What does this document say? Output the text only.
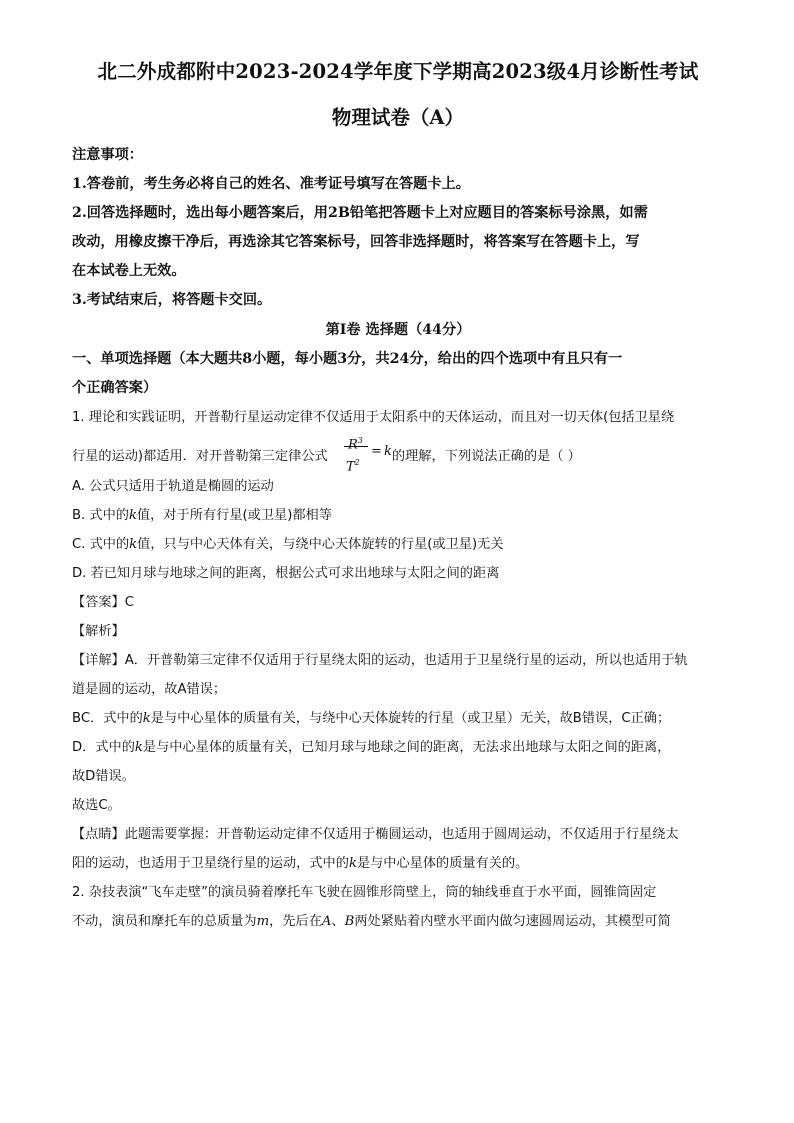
北二外成都附中2023-2024学年度下学期高2023级4月诊断性考试
物理试卷（A）
注意事项：
1.答卷前，考生务必将自己的姓名、准考证号填写在答题卡上。
2.回答选择题时，选出每小题答案后，用2B铅笔把答题卡上对应题目的答案标号涂黑，如需
改动，用橡皮擦干净后，再选涂其它答案标号，回答非选择题时，将答案写在答题卡上，写
在本试卷上无效。
3.考试结束后，将答题卡交回。
第Ⅰ卷 选择题（44分）
一、单项选择题（本大题共8小题，每小题3分，共24分，给出的四个选项中有且只有一
个正确答案）
1. 理论和实践证明，开普勒行星运动定律不仅适用于太阳系中的天体运动，而且对一切天体(包括卫星绕
行星的运动)都适用．对开普勒第三定律公式
$R^3$
$T^2$
= k 的理解，下列说法正确的是（ ）
A. 公式只适用于轨道是椭圆的运动
B. 式中的k值，对于所有行星(或卫星)都相等
C. 式中的k值，只与中心天体有关，与绕中心天体旋转的行星(或卫星)无关
D. 若已知月球与地球之间的距离，根据公式可求出地球与太阳之间的距离
【答案】C
【解析】
【详解】A．开普勒第三定律不仅适用于行星绕太阳的运动，也适用于卫星绕行星的运动，所以也适用于轨
道是圆的运动，故A错误；
BC．式中的k是与中心星体的质量有关，与绕中心天体旋转的行星（或卫星）无关，故B错误，C正确；
D．式中的k是与中心星体的质量有关，已知月球与地球之间的距离，无法求出地球与太阳之间的距离，
故D错误。
故选C。
【点睛】此题需要掌握：开普勒运动定律不仅适用于椭圆运动，也适用于圆周运动，不仅适用于行星绕太
阳的运动，也适用于卫星绕行星的运动，式中的k是与中心星体的质量有关的。
2. 杂技表演“飞车走壁”的演员骑着摩托车飞驶在圆锥形筒壁上，筒的轴线垂直于水平面，圆锥筒固定
不动，演员和摩托车的总质量为m，先后在A、B两处紧贴着内壁水平面内做匀速圆周运动，其模型可简
